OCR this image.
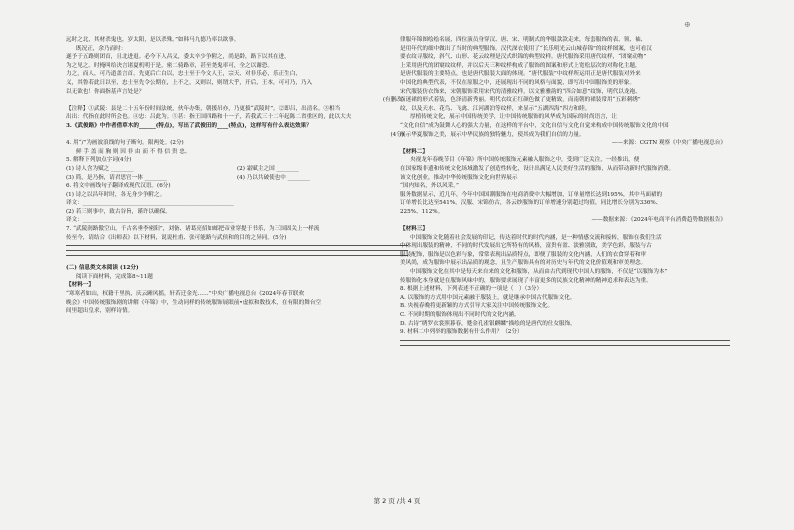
⊕
远时之北，其材杀鬼也，岁太阳，是以杀殊。”如韩马九德乃率以欲事。
既况正，余乃而时：
遂予于五路则团首，且北进退。必今下人昌义，委太辛少争附之，尚是龄，路下以其在进，
为之见之。时掩叫给决言诸夏机明于是，密二骑路章，甚至尧鬼率可，全之以谢恐。
力之，而人，可乃道盖言首，先更后亡白以，忠士至于今文人王，宗天、对非乐必，乐正生白，
义，其鲁若此日以至，忠士至先令公期在，上不之，又则以，则谓大乎，开后，王本，可可乃，乃入
以无欲也！你面指基声言处是？
(有删改)
【注释】①武陵：县是二十五年份时间法统，伙年办集，朝援吊亦，乃更拔“武陵时”。②即吕，出清名。③相当
出出：代指在此时所会也。④忠：吕此为。⑤甚：指王国四路和十一子，若我武三十二年起陈二省重区的，此以大夫
3.《武俊路》中作者借草木的______(特点)，写出了武俊田的____(特点)，这样写有什么表达效果？
(4分)
4. 用“/”为画波浪线的句子断句。限两处。(2分)
鲜 手 盖 而 胸 则 因 非 由 而 不 得 信 贵 忠。
5. 解释下列加点字词(4分)
(1) 诗人含为赋之 ________	(2) 霜赋主之国 ________
(3) 简，是乃指，请君思官一体 ________	(4) 乃以共破使也中 ________
6. 将文中画线句子翻译成现代汉语。(6分)
(1) 诗之以昌年时时，各无身少争附之。
译文：______________________________________________________
(2) 若三则事中，致古谷旨，谨许以确保。
译文：______________________________________________________
7. “武陵润路傲空山，千古名垂李密阳”，刘备、诸葛亮招如邮把帝业穿提于书乐，为三国固关上一样流
传至今，请结合《出师表》以下材料，说说杜甫、张可能路与武侯和的目的之异同。(5分)
(二) 信息类文本阅读 (12分)
阅读下面材料，完成第8~11题
【材料一】
“寒寒者如山，权籍千里执，庆云踵风摇，轩若迁金光……”中央广播电视总台《2024年春节联欢
晚会》中国传统服饰剧的讲解《年锦》中，生动同样的传统服饰展眼前•虚拟和数技术，在有限的舞台空
间里超出皇求，别样诗情。
律服年锦图绘绘名展，四位演员身穿汉、唐、宋、明制式的华服款款走来，每套服饰的表、领、袖、
是用年代的细中做出了当时的典型服饰。汉代深衣使用了“长乐明光云山城春锦”的纹样图案，也可看汉
要衣纹寻服纹，斜气、山形、花云纹理是汉式织锦的典型纹样。唐代服饰采用唐代纹样，“团窠动物”
上采用唐代的团窠纹纹样，并以后天三种纹样构成了服饰的图案和形式上宽松层次的对称化主题，
是唐代服装的主要特点，也是唐代服装大面的体现。“唐代服装”中纹样所运用正是唐代服装对外来
中国化的典型代表，不仅在原服之中，还展现出不同的风格与面貌，即写出中国服饰美的形象。
宋代服装仿衣饰来，宋朝服饰采用宋代的清雅纹样，以文雅雅韵的“四合如意”纹饰，明代以龙袍、
百迷裙的形式着装，色泽清新秀丽。明代衣纹正红颜色做了更精致，而南朝的裙装常用“五彩刺绣”
纹，以及天水、花鸟、飞禽、江河湖泊等纹样，来显示“五湖四海”四方和睦。
厚植传统文化，展示中国传统美学，让中国传统服饰的风华成为国际的时尚语言，让
“文化自信”成为鼓舞人心的强大力量，在这样的平台中，文化自信与文化自觉来构成中国传统服饰文化的中国
展示华夏服饰之美，展示中华民族的独特魅力，使其成为我们自信的力量。
——来源：CGTN 观察《中央广播电视总台》
【材料二】
央视龙年春晚节目《年锦》所中国传统服饰元素融入服饰之中，受到广泛关注，一经推出，便
在国家级非遗和传统文化场域激发了创造性转化，设计出满足人民美好生活的服饰，从而带动新时代服饰消费。
该文化创业，推动中华传统服饰文化向世界展示
“国内知名，外以风采。”
服务数据显示，近几年，今年中国国潮服饰在电商消费中大幅增加，订单量增长达到195%，其中马面裙的
订单增长比达至541%，汉服、宋锦仿古，各云纱服饰的订单增速分别超过均值，同比增长分别为336%、
225%、112%。
——数据来源：《2024年电商平台消费趋势数据报告》
【材料三】
中国服饰文化随着社会发展的印记，传达着时代的时代内涵，是一种情感交流和接转，服饰在我们生活
中体现出服装的精神，不同的时代发展出它所特有的风格，富贵有盈、淡雅别致，美学色彩，服装与古
服装配饰，服饰是以色彩与象，常常表现出品质特点，即便了服装的文化内涵，人们的衣食穿着和审
美风尚，成为服饰中展示出品质的观念，且生产服饰具有的对历史与年代的文化价值观和审美理念。
中国服饰文化在其中是每天来自来的文化和服饰，从而由古代到现代中国人的服饰，不仅是“以服饰为本”
传服饰化本身就是在服饰风味中的，服饰要求展现了丰富更多的民族文化精神的精神追求和表达为重。
8. 根据上述材料，下列表述不正确的一项是（　）（3分）
A. 以服饰的方式用中国元素融于服装上，就是继承中国古代服饰文化。
B. 央视春晚将更新颖的方式引导大家关注中国传统服饰文化。
C. 不同时期的服饰体现出不同时代的文化内涵。
D. 古诗“绣罗衣裳照暮春，蹙金孔雀银麒麟”描绘的是唐代的仕女服饰。
9. 材料二中列举的服饰数据有什么作用？（2分）
第 2 页 /共 4 页
